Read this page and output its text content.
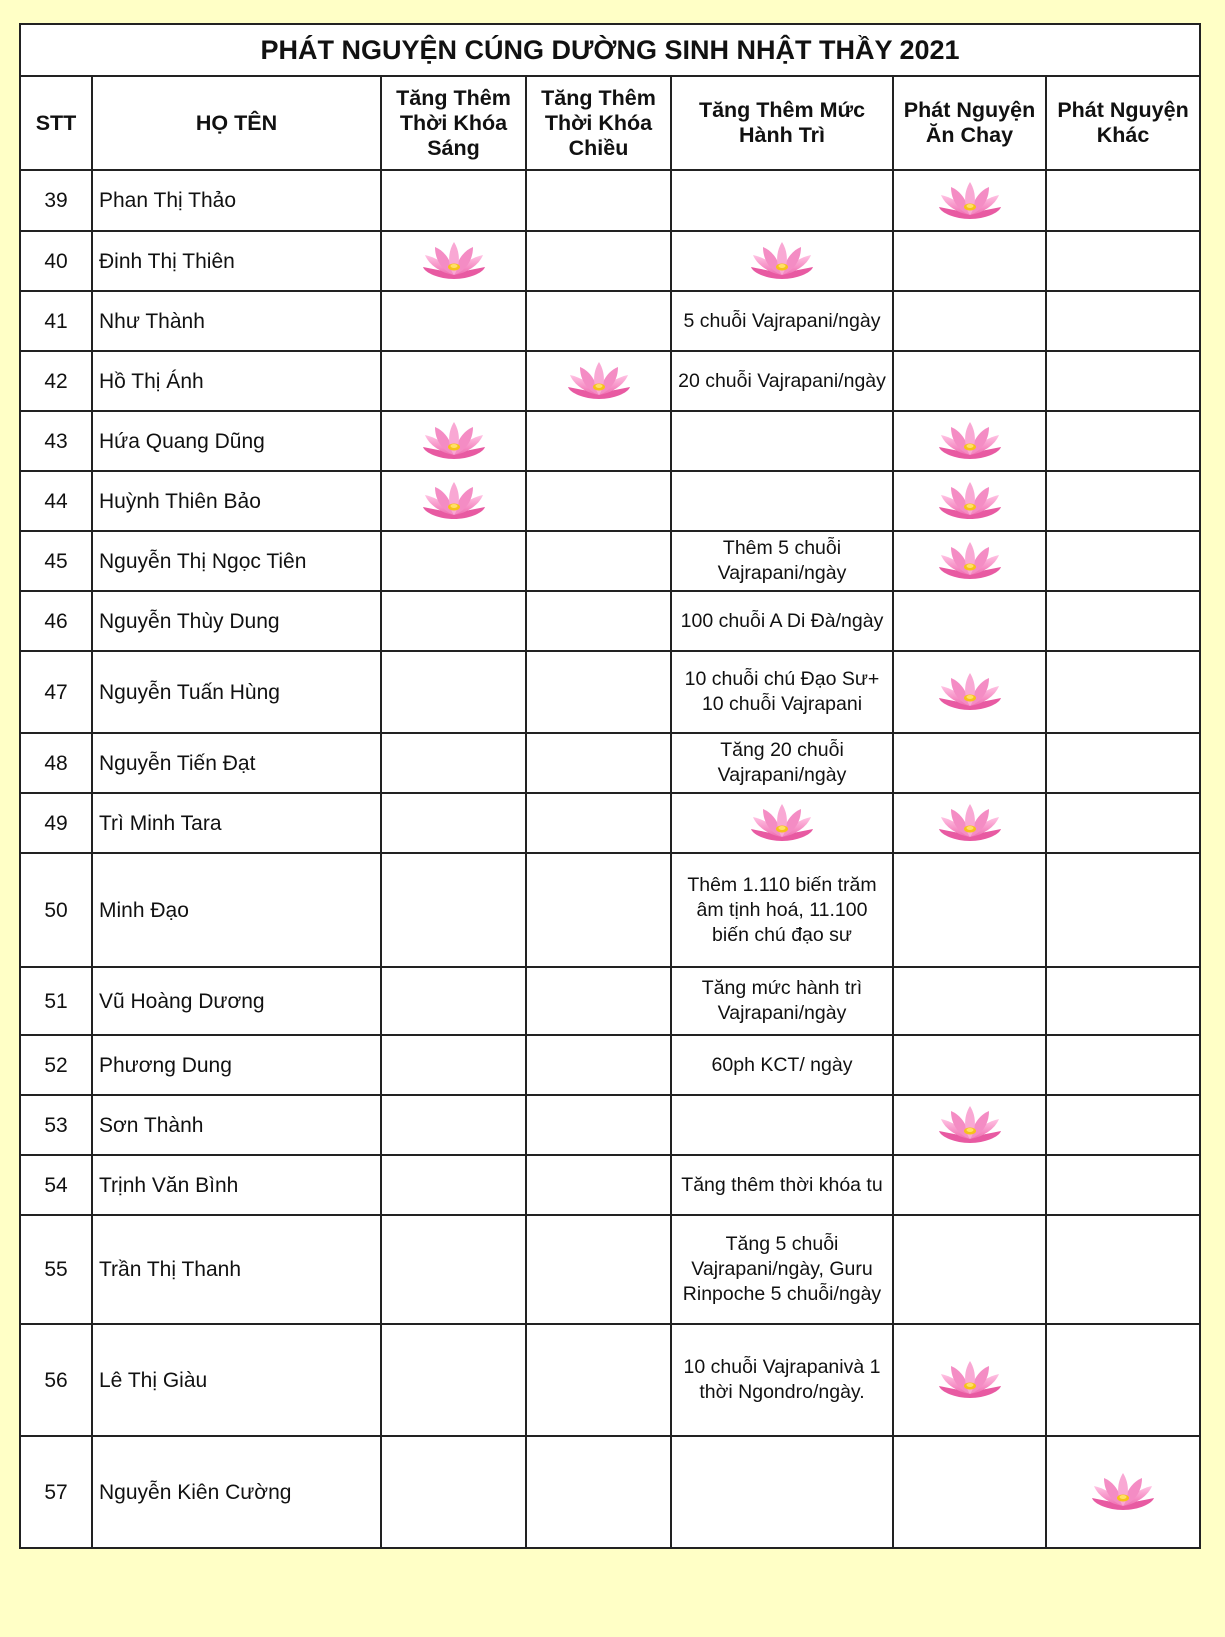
PHÁT NGUYỆN CÚNG DƯỜNG SINH NHẬT THẦY 2021						
STT	HỌ TÊN	Tăng Thêm Thời Khóa Sáng	Tăng Thêm Thời Khóa Chiều	Tăng Thêm Mức Hành Trì	Phát Nguyện Ăn Chay	Phát Nguyện Khác
39	Phan Thị Thảo					
40	Đinh Thị Thiên					
41	Như Thành			5 chuỗi Vajrapani/ngày		
42	Hồ Thị Ánh			20 chuỗi Vajrapani/ngày		
43	Hứa Quang Dũng					
44	Huỳnh Thiên Bảo					
45	Nguyễn Thị Ngọc Tiên			Thêm 5 chuỗi Vajrapani/ngày		
46	Nguyễn Thùy Dung			100 chuỗi A Di Đà/ngày		
47	Nguyễn Tuấn Hùng			10 chuỗi chú Đạo Sư+ 10 chuỗi Vajrapani		
48	Nguyễn Tiến Đạt			Tăng 20 chuỗi Vajrapani/ngày		
49	Trì Minh Tara					
50	Minh Đạo			Thêm 1.110 biến trăm âm tịnh hoá, 11.100 biến chú đạo sư		
51	Vũ Hoàng Dương			Tăng mức hành trì Vajrapani/ngày		
52	Phương Dung			60ph KCT/ ngày		
53	Sơn Thành					
54	Trịnh Văn Bình			Tăng thêm thời khóa tu		
55	Trần Thị Thanh			Tăng 5 chuỗi Vajrapani/ngày, Guru Rinpoche 5 chuỗi/ngày		
56	Lê Thị Giàu			10 chuỗi Vajrapanivà 1 thời Ngondro/ngày.		
57	Nguyễn Kiên Cường					
